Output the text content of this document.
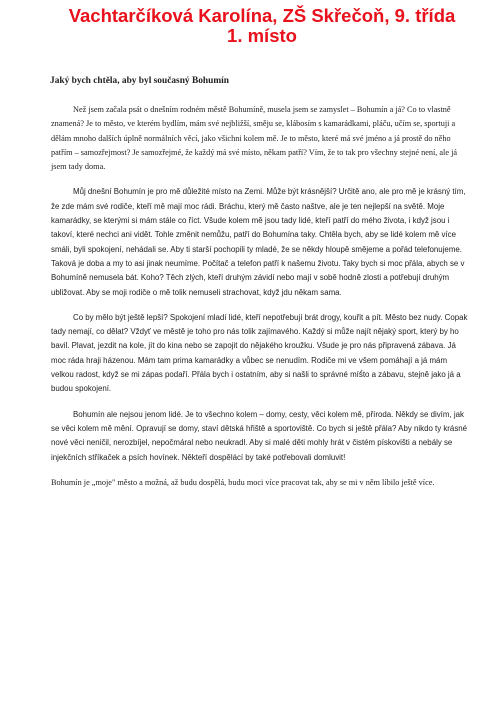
Vachtarčíková Karolína, ZŠ Skřečoň, 9. třída
1. místo
Jaký bych chtěla, aby byl současný Bohumín

Než jsem začala psát o dnešním rodném městě Bohumíně, musela jsem se zamyslet – Bohumín a já? Co to vlastně znamená? Je to město, ve kterém bydlím, mám své nejbližší, směju se, klábosím s kamarádkami, pláču, učím se, sportuji a dělám mnoho dalších úplně normálních věcí, jako všichni kolem mě. Je to město, které má své jméno a já prostě do něho patřím – samozřejmost? Je samozřejmé, že každý má své místo, někam patří? Vím, že to tak pro všechny stejné není, ale já jsem tady doma.

Můj dnešní Bohumín je pro mě důležité místo na Zemi. Může být krásnější? Určitě ano, ale pro mě je krásný tím, že zde mám své rodiče, kteří mě mají moc rádi. Bráchu, který mě často naštve, ale je ten nejlepší na světě. Moje kamarádky, se kterými si mám stále co říct. Všude kolem mě jsou tady lidé, kteří patří do mého života, i když jsou i takoví, které nechci ani vidět. Tohle změnit nemůžu, patří do Bohumína taky. Chtěla bych, aby se lidé kolem mě více smáli, byli spokojení, nehádali se. Aby ti starší pochopili ty mladé, že se někdy hloupě smějeme a pořád telefonujeme. Taková je doba a my to asi jinak neumíme. Počítač a telefon patří k našemu životu. Taky bych si moc přála, abych se v Bohumíně nemusela bát. Koho? Těch zlých, kteří druhým závidí nebo mají v sobě hodně zlosti a potřebují druhým ubližovat. Aby se moji rodiče o mě tolik nemuseli strachovat, když jdu někam sama.

Co by mělo být ještě lepší? Spokojení mladí lidé, kteří nepotřebují brát drogy, kouřit a pít. Město bez nudy. Copak tady nemají, co dělat? Vždyť ve městě je toho pro nás tolik zajímavého. Každý si může najít nějaký sport, který by ho bavil. Plavat, jezdit na kole, jít do kina nebo se zapojit do nějakého kroužku. Všude je pro nás připravená zábava. Já moc ráda hraji házenou. Mám tam prima kamarádky a vůbec se nenudím. Rodiče mi ve všem pomáhají a já mám velkou radost, když se mi zápas podaří. Přála bych i ostatním, aby si našli to správné místo a zábavu, stejně jako já a budou spokojení.

Bohumín ale nejsou jenom lidé. Je to všechno kolem – domy, cesty, věci kolem mě, příroda. Někdy se divím, jak se věci kolem mě mění. Opravují se domy, staví dětská hřiště a sportoviště. Co bych si ještě přála? Aby nikdo ty krásné nové věci neničil, nerozbíjel, nepočmáral nebo neukradl. Aby si malé děti mohly hrát v čistém pískovišti a nebály se injekčních stříkaček a psích hovínek. Někteří dospělácí by také potřebovali domluvit!

Bohumín je „moje" město a možná, až budu dospělá, budu moci více pracovat tak, aby se mi v něm líbilo ještě více.
